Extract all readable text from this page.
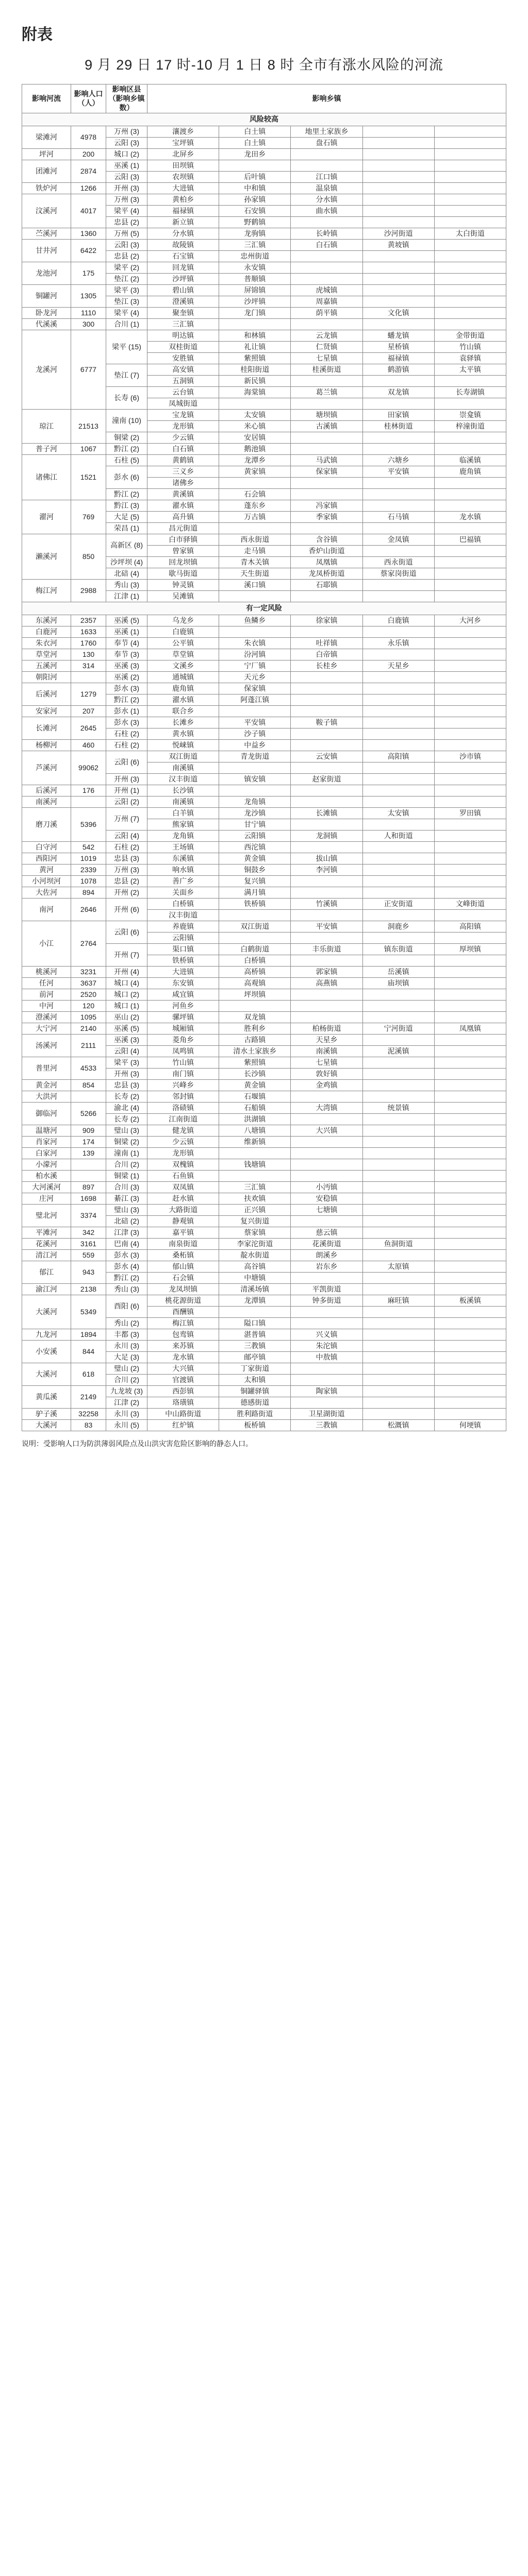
附表
9 月 29 日 17 时-10 月 1 日 8 时 全市有涨水风险的河流
影响河流	影响人口（人）	影响区县（影响乡镇数）	影响乡镇				
风险较高							
梁滩河	4978	万州 (3)	瀼渡乡	白土镇	地里土家族乡		
		云阳 (3)	宝坪镇	白土镇	盘石镇		
坪河	200	城口 (2)	北屏乡	龙田乡			
团滩河	2874	巫溪 (1)	田坝镇				
		云阳 (3)	农坝镇	后叶镇	江口镇		
铁炉河	1266	开州 (3)	大进镇	中和镇	温泉镇		
汶溪河	4017	万州 (3)	黄柏乡	孙家镇	分水镇		
		梁平 (4)	福禄镇	石安镇	曲水镇		
		忠县 (2)	新立镇	野鹤镇			
苎溪河	1360	万州 (5)	分水镇	龙驹镇	长岭镇	沙河街道	太白街道
甘井河	6422	云阳 (3)	故陵镇	三汇镇	白石镇	黄坡镇	
		忠县 (2)	石宝镇	忠州街道			
龙池河	175	梁平 (2)	回龙镇	永安镇			
		垫江 (2)	沙坪镇	普顺镇			
铜罐河	1305	梁平 (3)	碧山镇	屏锦镇	虎城镇		
		垫江 (3)	澄溪镇	沙坪镇	周嘉镇		
卧龙河	1110	梁平 (4)	聚奎镇	龙门镇	荫平镇	文化镇	
代溪溪	300	合川 (1)	三汇镇				
龙溪河	6777	梁平 (15)	明达镇	和林镇	云龙镇	蟠龙镇	金带街道
			双桂街道	礼让镇	仁贤镇	星桥镇	竹山镇
			安胜镇	紫照镇	七星镇	福禄镇	袁驿镇
		垫江 (7)	高安镇	桂阳街道	桂溪街道	鹤游镇	太平镇
			五洞镇	新民镇			
		长寿 (6)	云台镇	海棠镇	葛兰镇	双龙镇	长寿湖镇
			凤城街道				
琼江	21513	潼南 (10)	宝龙镇	太安镇	塘坝镇	田家镇	崇龛镇
			龙形镇	米心镇	古溪镇	桂林街道	梓潼街道
		铜梁 (2)	少云镇	安居镇			
普子河	1067	黔江 (2)	白石镇	鹅池镇			
诸佛江	1521	石柱 (5)	黄鹤镇	龙潭乡	马武镇	六塘乡	临溪镇
		彭水 (6)	三义乡	黄家镇	保家镇	平安镇	鹿角镇
			诸佛乡				
		黔江 (2)	黄溪镇	石会镇			
濯河	769	黔江 (3)	濯水镇	蓬东乡	冯家镇		
		大足 (5)	高升镇	万古镇	季家镇	石马镇	龙水镇
		荣昌 (1)	昌元街道				
濑溪河	850	高新区 (8)	白市驿镇	西永街道	含谷镇	金凤镇	巴福镇
			曾家镇	走马镇	香炉山街道		
		沙坪坝 (4)	回龙坝镇	青木关镇	凤凰镇	西永街道	
		北碚 (4)	歇马街道	天生街道	龙凤桥街道	蔡家岗街道	
梅江河	2988	秀山 (3)	钟灵镇	溪口镇	石耶镇		
		江津 (1)	吴滩镇				
有一定风险							
东溪河	2357	巫溪 (5)	乌龙乡	鱼鳞乡	徐家镇	白鹿镇	大河乡
白鹿河	1633	巫溪 (1)	白鹿镇				
朱衣河	1760	奉节 (4)	公平镇	朱衣镇	吐祥镇	永乐镇	
草堂河	130	奉节 (3)	草堂镇	汾河镇	白帝镇		
五溪河	314	巫溪 (3)	文溪乡	宁厂镇	长桂乡	天星乡	
朝阳河		巫溪 (2)	通城镇	天元乡			
后溪河	1279	彭水 (3)	鹿角镇	保家镇			
		黔江 (2)	濯水镇	阿蓬江镇			
安家河	207	彭水 (1)	联合乡				
长滩河	2645	彭水 (3)	长滩乡	平安镇	鞍子镇		
		石柱 (2)	黄水镇	沙子镇			
杨柳河	460	石柱 (2)	悦崃镇	中益乡			
芦溪河	99062	云阳 (6)	双江街道	青龙街道	云安镇	高阳镇	沙市镇
			南溪镇				
		开州 (3)	汉丰街道	镇安镇	赵家街道		
后溪河	176	开州 (1)	长沙镇				
南溪河		云阳 (2)	南溪镇	龙角镇			
磨刀溪	5396	万州 (7)	白羊镇	龙沙镇	长滩镇	太安镇	罗田镇
			熊家镇	甘宁镇			
		云阳 (4)	龙角镇	云阳镇	龙洞镇	人和街道	
白守河	542	石柱 (2)	王场镇	西沱镇			
西阳河	1019	忠县 (3)	东溪镇	黄金镇	拔山镇		
黄河	2339	万州 (3)	响水镇	铜鼓乡	李河镇		
小河坝河	1078	忠县 (2)	善广乡	复兴镇			
大佐河	894	开州 (2)	关面乡	满月镇			
南河	2646	开州 (6)	白桥镇	铁桥镇	竹溪镇	正安街道	文峰街道
			汉丰街道				
小江	2764	云阳 (6)	养鹿镇	双江街道	平安镇	洞鹿乡	高阳镇
			云阳镇				
		开州 (7)	渠口镇	白鹤街道	丰乐街道	镇东街道	厚坝镇
			铁桥镇	白桥镇			
桃溪河	3231	开州 (4)	大进镇	高桥镇	郭家镇	岳溪镇	
任河	3637	城口 (4)	东安镇	高观镇	高燕镇	庙坝镇	
前河	2520	城口 (2)	咸宜镇	坪坝镇			
中河	120	城口 (1)	河鱼乡				
澄溪河	1095	巫山 (2)	骡坪镇	双龙镇			
大宁河	2140	巫溪 (5)	城厢镇	胜利乡	柏杨街道	宁河街道	凤凰镇
汤溪河	2111	巫溪 (3)	菱角乡	古路镇	天星乡		
		云阳 (4)	凤鸣镇	清水土家族乡	南溪镇	泥溪镇	
普里河	4533	梁平 (3)	竹山镇	紫照镇	七星镇		
		开州 (3)	南门镇	长沙镇	敦好镇		
黄金河	854	忠县 (3)	兴峰乡	黄金镇	金鸡镇		
大洪河		长寿 (2)	邻封镇	石堰镇			
御临河	5266	渝北 (4)	洛碛镇	石船镇	大湾镇	统景镇	
		长寿 (2)	江南街道	洪湖镇			
温塘河	909	璧山 (3)	健龙镇	八塘镇	大兴镇		
肖家河	174	铜梁 (2)	少云镇	维新镇			
白家河	139	潼南 (1)	龙形镇				
小濛河		合川 (2)	双槐镇	钱塘镇			
柏水溪		铜梁 (1)	石鱼镇				
大河溪河	897	合川 (3)	双凤镇	三汇镇	小沔镇		
庄河	1698	綦江 (3)	赶水镇	扶欢镇	安稳镇		
璧北河	3374	璧山 (3)	大路街道	正兴镇	七塘镇		
		北碚 (2)	静观镇	复兴街道			
平滩河	342	江津 (3)	嘉平镇	蔡家镇	慈云镇		
花溪河	3161	巴南 (4)	南泉街道	李家沱街道	花溪街道	鱼洞街道	
清江河	559	彭水 (3)	桑柘镇	靛水街道	朗溪乡		
郁江	943	彭水 (4)	郁山镇	高谷镇	岩东乡	太原镇	
		黔江 (2)	石会镇	中塘镇			
渝江河	2138	秀山 (3)	龙凤坝镇	清溪场镇	平凯街道		
大溪河	5349	酉阳 (6)	桃花源街道	龙潭镇	钟多街道	麻旺镇	板溪镇
			酉酬镇				
		秀山 (2)	梅江镇	隘口镇			
九龙河	1894	丰都 (3)	包鸾镇	湛普镇	兴义镇		
小安溪	844	永川 (3)	来苏镇	三教镇	朱沱镇		
		大足 (3)	龙水镇	邮亭镇	中敖镇		
大溪河	618	璧山 (2)	大兴镇	丁家街道			
		合川 (2)	官渡镇	太和镇			
黄瓜溪	2149	九龙坡 (3)	西彭镇	铜罐驿镇	陶家镇		
		江津 (2)	珞璜镇	德感街道			
驴子溪	32258	永川 (3)	中山路街道	胜利路街道	卫星湖街道		
大溪河	83	永川 (5)	红炉镇	板桥镇	三教镇	松溉镇	何埂镇
说明：受影响人口为防洪薄弱风险点及山洪灾害危险区影响的静态人口。
